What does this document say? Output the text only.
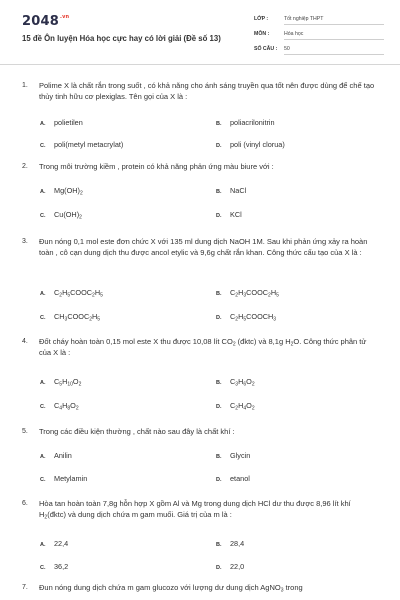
$2048^{.vn}$
15 đề Ôn luyện Hóa học cực hay có lời giải (Đề số 13)
LỚP :	Tốt nghiệp THPT
MÔN :	Hóa học
SỐ CÂU : 50
1. Polime X là chất rắn trong suốt , có khả năng cho ánh sáng truyền qua tốt nên được dùng để chế tạo thủy tinh hữu cơ plexiglas. Tên gọi của X là :
A. polietilen	B. poliacrilonitrin
C. poli(metyl metacrylat)	D. poli (vinyl clorua)
2. Trong môi trường kiềm , protein có khả năng phản ứng màu biure với :
A. $Mg(OH)_2$	B. NaCl
C. $Cu(OH)_2$	D. KCl
3. Đun nóng 0,1 mol este đơn chức X với 135 ml dung dịch NaOH 1M. Sau khi phản ứng xảy ra hoàn toàn , cô cạn dung dịch thu được ancol etylic và 9,6g chất rắn khan. Công thức cấu tạo của X là :
A. $C_2H_5COOC_2H_5$	B. $C_2H_3COOC_2H_5$
C. $CH_3COOC_2H_5$	D. $C_2H_5COOCH_3$
4. Đốt cháy hoàn toàn 0,15 mol este X thu được 10,08 lít $CO_2$ (đktc) và 8,1g $H_2O$. Công thức phân tử của X là :
A. $C_5H_{10}O_2$	B. $C_3H_6O_2$
C. $C_4H_8O_2$	D. $C_2H_4O_2$
5. Trong các điều kiện thường , chất nào sau đây là chất khí :
A. Anilin	B. Glycin
C. Metylamin	D. etanol
6. Hòa tan hoàn toàn 7,8g hỗn hợp X gồm Al và Mg trong dung dịch HCl dư thu được 8,96 lít khí $H_2(đktc)$ và dung dịch chứa m gam muối. Giá trị của m là :
A. 22,4	B. 28,4
C. 36,2	D. 22,0
7. Đun nóng dung dịch chứa m gam glucozo với lượng dư dung dịch AgNO$_3$ trong
